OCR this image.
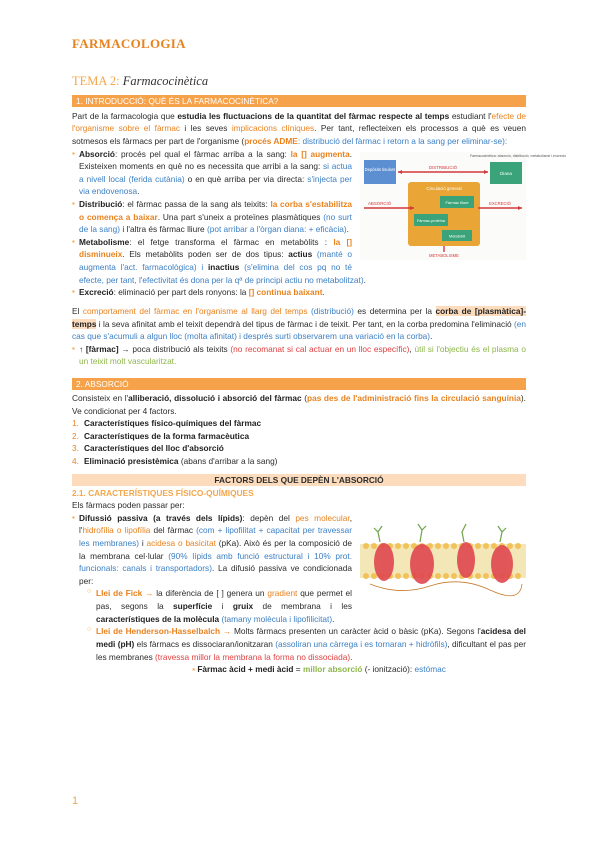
FARMACOLOGIA
TEMA 2: Farmacocinètica
1. INTRODUCCIÓ: QUÈ ÉS LA FARMACOCINÈTICA?

Part de la farmacologia que estudia les fluctuacions de la quantitat del fàrmac respecte al temps estudiant l'efecte de l'organisme sobre el fàrmac i les seves implicacions clíniques. Per tant, reflecteixen els processos a què es veuen sotmesos els fàrmacs per part de l'organisme (procés ADME: distribució del fàrmac i retorn a la sang per eliminar-se):

Farmacocinètica: absorció, distribució, metabolisme i excreció
Depòsits tisulars
Diana
DISTRIBUCIÓ
Circulació general
Fàrmac lliure
Fàrmac-proteïna
Metabòlit
ABSORCIÓ	EXCRECIÓ
METABOLISME
▪ Absorció: procés pel qual el fàrmac arriba a la sang: la [] augmenta. Existeixen moments en què no es necessita que arribi a la sang: si actua a nivell local (ferida cutània) o en què arriba per via directa: s'injecta per via endovenosa.
▪ Distribució: el fàrmac passa de la sang als teixits: la corba s'estabilitza o comença a baixar. Una part s'uneix a proteïnes plasmàtiques (no surt de la sang) i l'altra és fàrmac lliure (pot arribar a l'òrgan diana: + eficàcia).
▪ Metabolisme: el fetge transforma el fàrmac en metabòlits : la [] disminueix. Els metabòlits poden ser de dos tipus: actius (manté o augmenta l'act. farmacològica) i inactius (s'elimina del cos pq no té efecte, per tant, l'efectivitat és dona per la qª de principi actiu no metabolitzat).
▪ Excreció: eliminació per part dels ronyons: la [] continua baixant.

El comportament del fàrmac en l'organisme al llarg del temps (distribució) es determina per la corba de [plasmàtica]-temps i la seva afinitat amb el teixit dependrà del tipus de fàrmac i de teixit. Per tant, en la corba predomina l'eliminació (en cas que s'acumuli a algun lloc (molta afinitat) i després surti observarem una variació en la corba).

▪ ↑ [fàrmac] → poca distribució als teixits (no recomanat si cal actuar en un lloc específic), útil si l'objectiu és el plasma o un teixit molt vascularitzat.
2. ABSORCIÓ

Consisteix en l'alliberació, dissolució i absorció del fàrmac (pas des de l'administració fins la circulació sanguínia). Ve condicionat per 4 factors.

1. Característiques físico-químiques del fàrmac
2. Característiques de la forma farmacèutica
3. Característiques del lloc d'absorció
4. Eliminació presistèmica (abans d'arribar a la sang)
FACTORS DELS QUE DEPÈN L'ABSORCIÓ
2.1. CARACTERÍSTIQUES FÍSICO-QUÍMIQUES

Els fàrmacs poden passar per:

▪ Difussió passiva (a través dels lípids): depèn del pes molecular, l'hidrofília o lipofília del fàrmac (com + lipofilitat + capacitat per travessar les membranes) i acidesa o basicitat (pKa). Això és per la composició de la membrana cel·lular (90% lípids amb funció estructural i 10% prot. funcionals: canals i transportadors). La difusió passiva ve condicionada per:
○ Llei de Fick → la diferència de [ ] genera un gradient que permet el pas, segons la superfície i gruix de membrana i les característiques de la molècula (tamany molècula i lipofilicitat).
○ Llei de Henderson-Hasselbalch → Molts fàrmacs presenten un caràcter àcid o bàsic (pKa). Segons l'acidesa del medi (pH) els fàrmacs es dissociaran/ionitzaran (assoliran una càrrega i es tornaran + hidròfils), dificultant el pas per les membranes (travessa millor la membrana la forma no dissociada).
▪ Fàrmac àcid + medi àcid = millor absorció (- ionització): estómac
1
